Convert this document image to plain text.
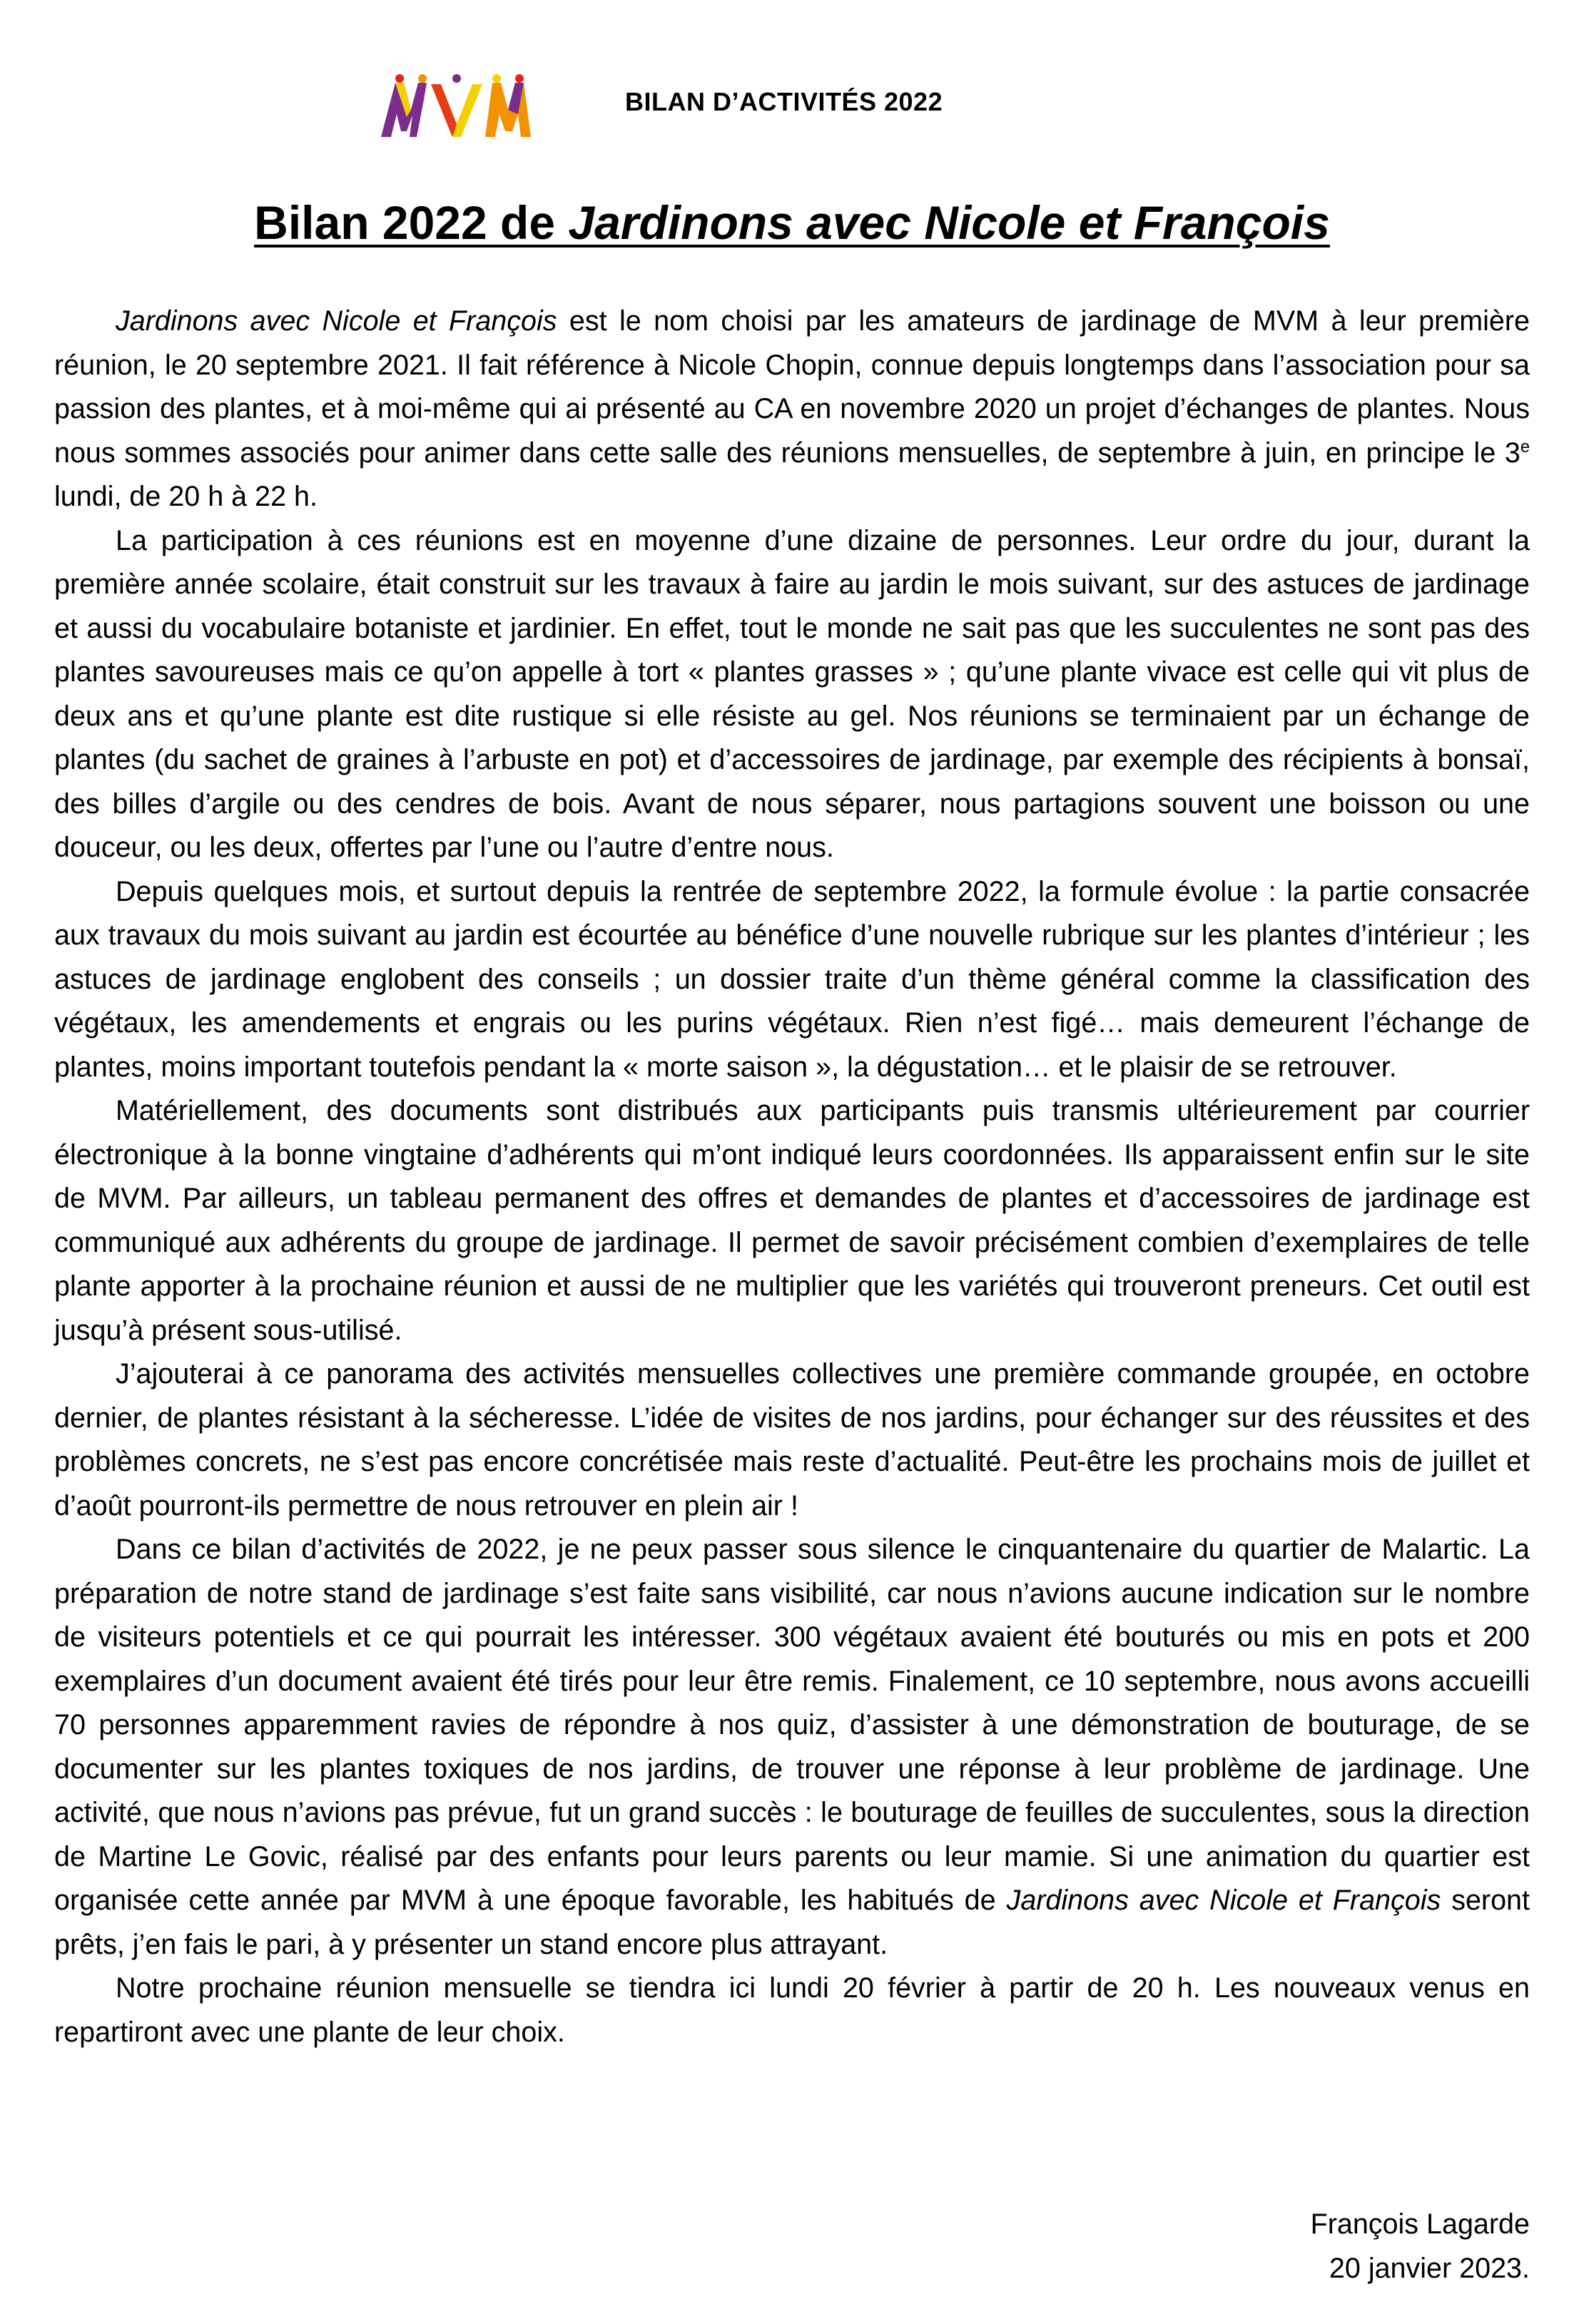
BILAN D’ACTIVITÉS 2022
Bilan 2022 de Jardinons avec Nicole et François

Jardinons avec Nicole et François est le nom choisi par les amateurs de jardinage de MVM à leur première réunion, le 20 septembre 2021. Il fait référence à Nicole Chopin, connue depuis longtemps dans l’association pour sa passion des plantes, et à moi-même qui ai présenté au CA en novembre 2020 un projet d’échanges de plantes. Nous nous sommes associés pour animer dans cette salle des réunions mensuelles, de septembre à juin, en principe le 3e lundi, de 20 h à 22 h.

La participation à ces réunions est en moyenne d’une dizaine de personnes. Leur ordre du jour, durant la première année scolaire, était construit sur les travaux à faire au jardin le mois suivant, sur des astuces de jardinage et aussi du vocabulaire botaniste et jardinier. En effet, tout le monde ne sait pas que les succulentes ne sont pas des plantes savoureuses mais ce qu’on appelle à tort « plantes grasses » ; qu’une plante vivace est celle qui vit plus de deux ans et qu’une plante est dite rustique si elle résiste au gel. Nos réunions se terminaient par un échange de plantes (du sachet de graines à l’arbuste en pot) et d’accessoires de jardinage, par exemple des récipients à bonsaï, des billes d’argile ou des cendres de bois. Avant de nous séparer, nous partagions souvent une boisson ou une douceur, ou les deux, offertes par l’une ou l’autre d’entre nous.

Depuis quelques mois, et surtout depuis la rentrée de septembre 2022, la formule évolue : la partie consacrée aux travaux du mois suivant au jardin est écourtée au bénéfice d’une nouvelle rubrique sur les plantes d’intérieur ; les astuces de jardinage englobent des conseils ; un dossier traite d’un thème général comme la classification des végétaux, les amendements et engrais ou les purins végétaux. Rien n’est figé… mais demeurent l’échange de plantes, moins important toutefois pendant la « morte saison », la dégustation… et le plaisir de se retrouver.

Matériellement, des documents sont distribués aux participants puis transmis ultérieurement par courrier électronique à la bonne vingtaine d’adhérents qui m’ont indiqué leurs coordonnées. Ils apparaissent enfin sur le site de MVM. Par ailleurs, un tableau permanent des offres et demandes de plantes et d’accessoires de jardinage est communiqué aux adhérents du groupe de jardinage. Il permet de savoir précisément combien d’exemplaires de telle plante apporter à la prochaine réunion et aussi de ne multiplier que les variétés qui trouveront preneurs. Cet outil est jusqu’à présent sous-utilisé.

J’ajouterai à ce panorama des activités mensuelles collectives une première commande groupée, en octobre dernier, de plantes résistant à la sécheresse. L’idée de visites de nos jardins, pour échanger sur des réussites et des problèmes concrets, ne s’est pas encore concrétisée mais reste d’actualité. Peut-être les prochains mois de juillet et d’août pourront-ils permettre de nous retrouver en plein air !

Dans ce bilan d’activités de 2022, je ne peux passer sous silence le cinquantenaire du quartier de Malartic. La préparation de notre stand de jardinage s’est faite sans visibilité, car nous n’avions aucune indication sur le nombre de visiteurs potentiels et ce qui pourrait les intéresser. 300 végétaux avaient été bouturés ou mis en pots et 200 exemplaires d’un document avaient été tirés pour leur être remis. Finalement, ce 10 septembre, nous avons accueilli 70 personnes apparemment ravies de répondre à nos quiz, d’assister à une démonstration de bouturage, de se documenter sur les plantes toxiques de nos jardins, de trouver une réponse à leur problème de jardinage. Une activité, que nous n’avions pas prévue, fut un grand succès : le bouturage de feuilles de succulentes, sous la direction de Martine Le Govic, réalisé par des enfants pour leurs parents ou leur mamie. Si une animation du quartier est organisée cette année par MVM à une époque favorable, les habitués de Jardinons avec Nicole et François seront prêts, j’en fais le pari, à y présenter un stand encore plus attrayant.

Notre prochaine réunion mensuelle se tiendra ici lundi 20 février à partir de 20 h. Les nouveaux venus en repartiront avec une plante de leur choix.

François Lagarde
20 janvier 2023.
